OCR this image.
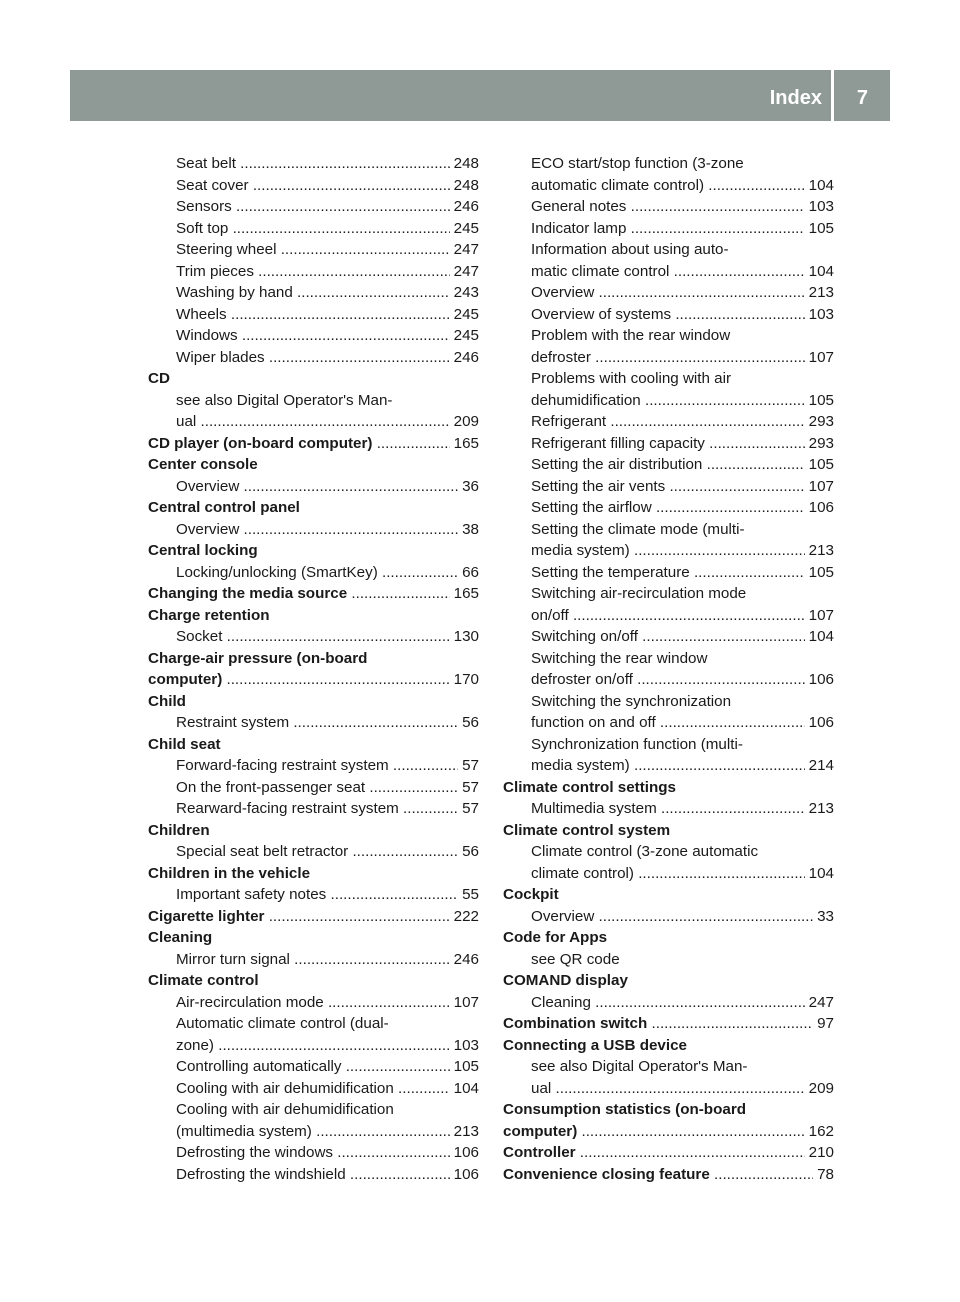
Index 7
Seat belt .....	248
Seat cover .....	248
Sensors .....	246
Soft top .....	245
Steering wheel .....	247
Trim pieces .....	247
Washing by hand .....	243
Wheels .....	245
Windows .....	245
Wiper blades .....	246
CD
see also Digital Operator's Man-
ual .....	209
CD player (on-board computer) .....	165
Center console
Overview .....	36
Central control panel
Overview .....	38
Central locking
Locking/unlocking (SmartKey) .....	66
Changing the media source .....	165
Charge retention
Socket .....	130
Charge-air pressure (on-board
computer) .....	170
Child
Restraint system .....	56
Child seat
Forward-facing restraint system .....	57
On the front-passenger seat .....	57
Rearward-facing restraint system .....	57
Children
Special seat belt retractor .....	56
Children in the vehicle
Important safety notes .....	55
Cigarette lighter .....	222
Cleaning
Mirror turn signal .....	246
Climate control
Air-recirculation mode .....	107
Automatic climate control (dual-
zone) .....	103
Controlling automatically .....	105
Cooling with air dehumidification .....	104
Cooling with air dehumidification
(multimedia system) .....	213
Defrosting the windows .....	106
Defrosting the windshield .....	106
ECO start/stop function (3-zone
automatic climate control) .....	104
General notes .....	103
Indicator lamp .....	105
Information about using auto-
matic climate control .....	104
Overview .....	213
Overview of systems .....	103
Problem with the rear window
defroster .....	107
Problems with cooling with air
dehumidification .....	105
Refrigerant .....	293
Refrigerant filling capacity .....	293
Setting the air distribution .....	105
Setting the air vents .....	107
Setting the airflow .....	106
Setting the climate mode (multi-
media system) .....	213
Setting the temperature .....	105
Switching air-recirculation mode
on/off .....	107
Switching on/off .....	104
Switching the rear window
defroster on/off .....	106
Switching the synchronization
function on and off .....	106
Synchronization function (multi-
media system) .....	214
Climate control settings
Multimedia system .....	213
Climate control system
Climate control (3-zone automatic
climate control) .....	104
Cockpit
Overview .....	33
Code for Apps
see QR code
COMAND display
Cleaning .....	247
Combination switch .....	97
Connecting a USB device
see also Digital Operator's Man-
ual .....	209
Consumption statistics (on-board
computer) .....	162
Controller .....	210
Convenience closing feature .....	78
